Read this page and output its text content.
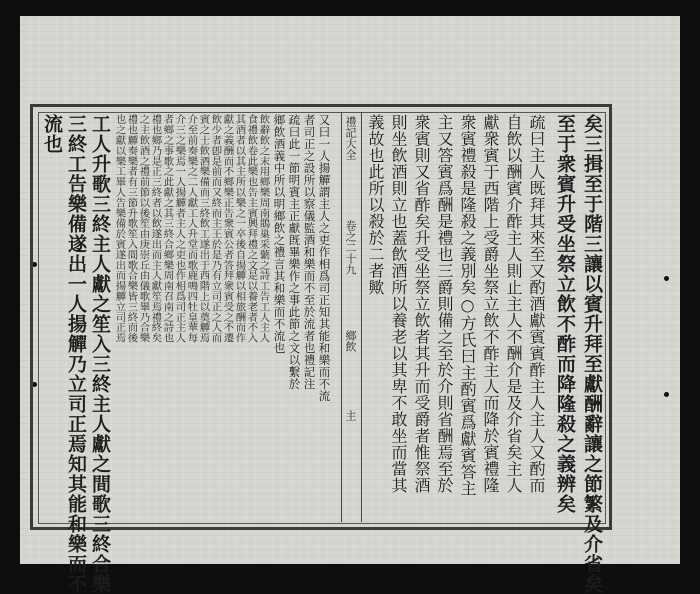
矣三揖至于階三讓以賓升拜至獻酬辭讓之節繁及介省矣
至于衆賓升受坐祭立飲不酢而降隆殺之義辨矣
疏曰主人既拜其來至又酌酒獻賓賓酢主人主人又酌而
自飲以酬賓介酢主人則止主人不酬介是及介省矣主人
獻衆賓于西階上受爵坐祭立飲不酢主人而降於賓禮隆
衆賓禮殺是隆殺之義別矣○方氏曰主酌賓爲獻賓答主
主又答賓爲酬是禮也三爵則備之至於介則省酬焉至於
衆賓則又省酢矣升受坐祭立飲者其升而受爵者惟祭酒
則坐飲酒則立也蓋飲酒所以養老以其卑不敢坐而當其
義故也此所以殺於二者歟
禮記大全
卷之二十九
鄉飲
主
又曰一人揚觶謂主人之吏作相爲司正知其能和樂而不流
者司正之設所以察儀監酒和樂而不至於流者也禮記注
疏曰此一節明賓主正獻旣畢樂作之事此節之文以繫於
鄉飲酒義中所以明鄉飲之禮言其和樂而不流也
飲辭飲之末用鄉樂周南鵲巢采蘩之詩工告工人主人
食禮飲卷此樂也告主賓興拜禮之文是以養老者不入
其酒者以其主所以樂之一卒後自揚觶以相旅酬而作
獻之義酬而不鄉樂正告衆賓公者答拜衆賓受之不遷
飲少者卽是前而又終而主王於是乃有立司正之人而
賓之士飲酒樂備而三終飲工遂出于西階上以奠觶焉
介至前奏樂之二人獻工人升堂而歌鹿鳴四牡皇華每
介三之樂焉一人揚觶者主人之吏也作相爲司正主人
者鄉之事歌之此獻之其三終合鄉樂周南召南之詩也
禮也鄉乃是正三終者以飲遂出而主人獻笙焉禮終矣
之主飲酒之禮前節以後笙由庚崇丘由儀歌畢乃合樂
禮也觶奏樂者有三節升歌笙入間歌合樂皆三終而後
也之獻以樂工畢人告樂備於賓遂出而揚觶立司正焉
工人升歌三終主人獻之笙入三終主人獻之間歌三終合樂
三終工告樂備遂出一人揚觶乃立司正焉知其能和樂而不
流也
